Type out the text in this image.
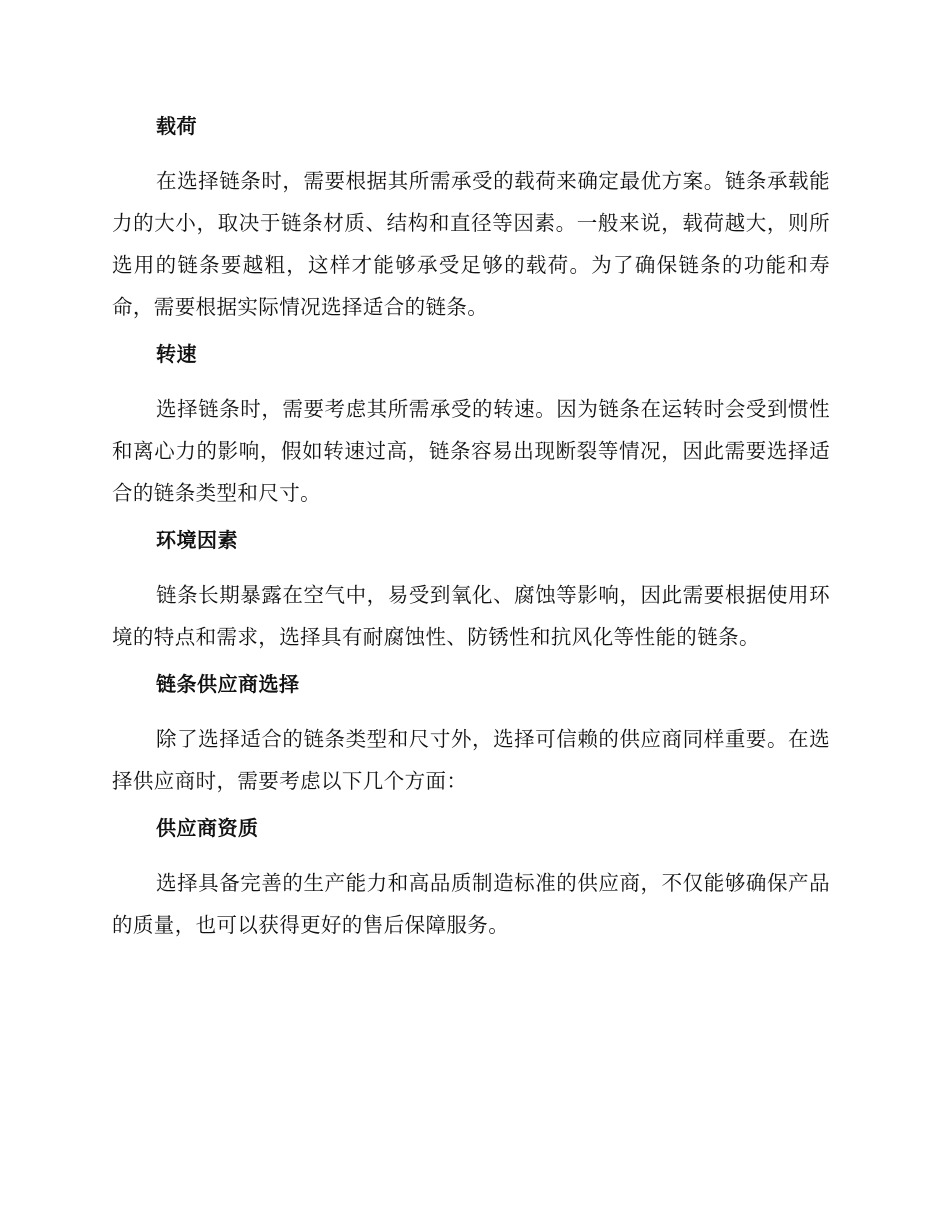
载荷

在选择链条时，需要根据其所需承受的载荷来确定最优方案。链条承载能力的大小，取决于链条材质、结构和直径等因素。一般来说，载荷越大，则所选用的链条要越粗，这样才能够承受足够的载荷。为了确保链条的功能和寿命，需要根据实际情况选择适合的链条。

转速

选择链条时，需要考虑其所需承受的转速。因为链条在运转时会受到惯性和离心力的影响，假如转速过高，链条容易出现断裂等情况，因此需要选择适合的链条类型和尺寸。

环境因素

链条长期暴露在空气中，易受到氧化、腐蚀等影响，因此需要根据使用环境的特点和需求，选择具有耐腐蚀性、防锈性和抗风化等性能的链条。

链条供应商选择

除了选择适合的链条类型和尺寸外，选择可信赖的供应商同样重要。在选择供应商时，需要考虑以下几个方面：

供应商资质

选择具备完善的生产能力和高品质制造标准的供应商，不仅能够确保产品的质量，也可以获得更好的售后保障服务。
